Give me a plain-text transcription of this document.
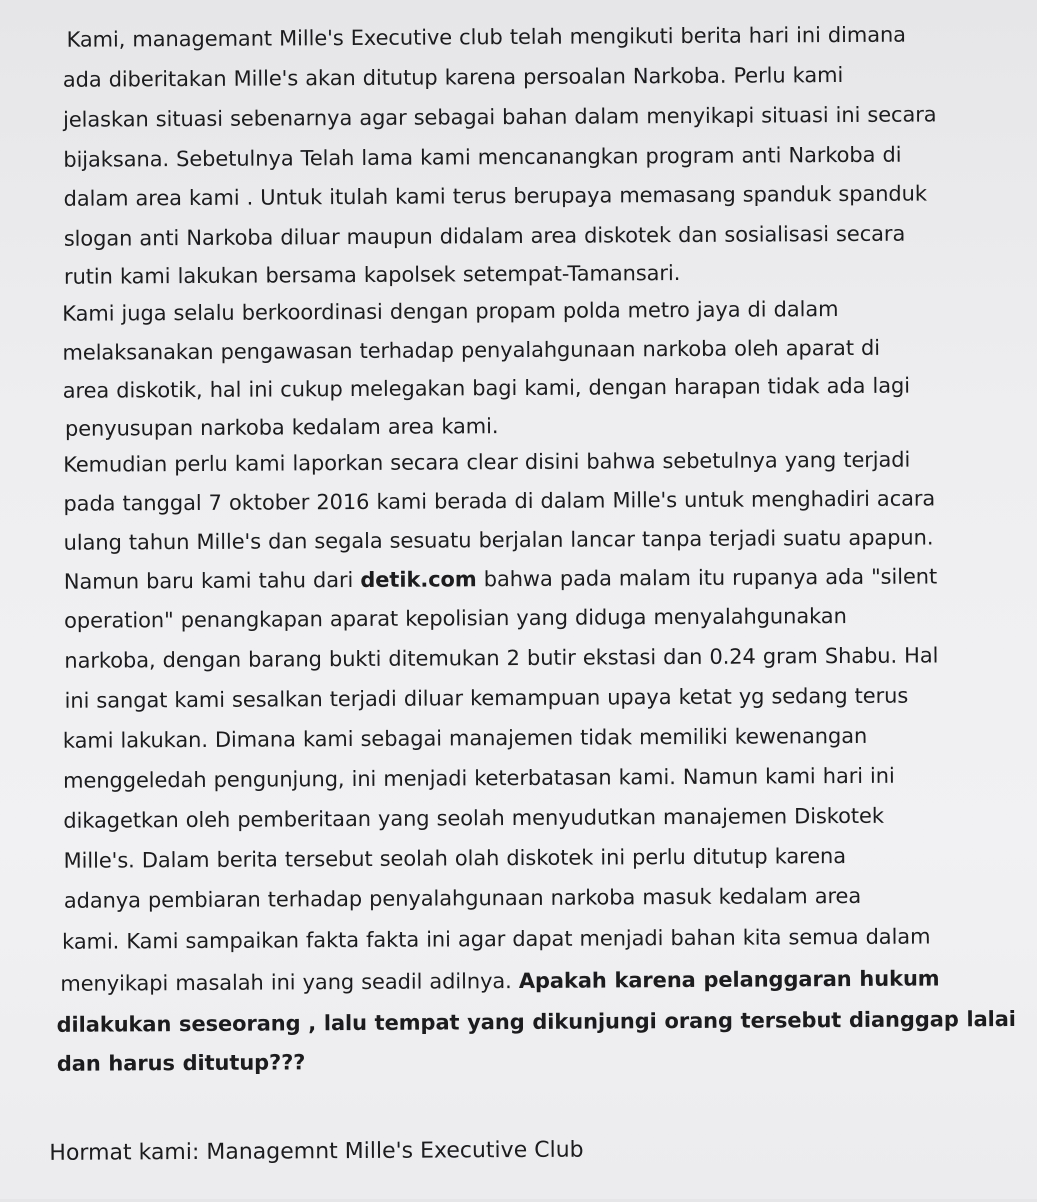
Kami, managemant Mille's Executive club telah mengikuti berita hari ini dimana
ada diberitakan Mille's akan ditutup karena persoalan Narkoba. Perlu kami
jelaskan situasi sebenarnya agar sebagai bahan dalam menyikapi situasi ini secara
bijaksana. Sebetulnya Telah lama kami mencanangkan program anti Narkoba di
dalam area kami . Untuk itulah kami terus berupaya memasang spanduk spanduk
slogan anti Narkoba diluar maupun didalam area diskotek dan sosialisasi secara
rutin kami lakukan bersama kapolsek setempat-Tamansari.
Kami juga selalu berkoordinasi dengan propam polda metro jaya di dalam
melaksanakan pengawasan terhadap penyalahgunaan narkoba oleh aparat di
area diskotik, hal ini cukup melegakan bagi kami, dengan harapan tidak ada lagi
penyusupan narkoba kedalam area kami.
Kemudian perlu kami laporkan secara clear disini bahwa sebetulnya yang terjadi
pada tanggal 7 oktober 2016 kami berada di dalam Mille's untuk menghadiri acara
ulang tahun Mille's dan segala sesuatu berjalan lancar tanpa terjadi suatu apapun.
Namun baru kami tahu dari detik.com bahwa pada malam itu rupanya ada "silent
operation" penangkapan aparat kepolisian yang diduga menyalahgunakan
narkoba, dengan barang bukti ditemukan 2 butir ekstasi dan 0.24 gram Shabu. Hal
ini sangat kami sesalkan terjadi diluar kemampuan upaya ketat yg sedang terus
kami lakukan. Dimana kami sebagai manajemen tidak memiliki kewenangan
menggeledah pengunjung, ini menjadi keterbatasan kami. Namun kami hari ini
dikagetkan oleh pemberitaan yang seolah menyudutkan manajemen Diskotek
Mille's. Dalam berita tersebut seolah olah diskotek ini perlu ditutup karena
adanya pembiaran terhadap penyalahgunaan narkoba masuk kedalam area
kami. Kami sampaikan fakta fakta ini agar dapat menjadi bahan kita semua dalam
menyikapi masalah ini yang seadil adilnya. Apakah karena pelanggaran hukum
dilakukan seseorang , lalu tempat yang dikunjungi orang tersebut dianggap lalai
dan harus ditutup???
Hormat kami: Managemnt Mille's Executive Club
